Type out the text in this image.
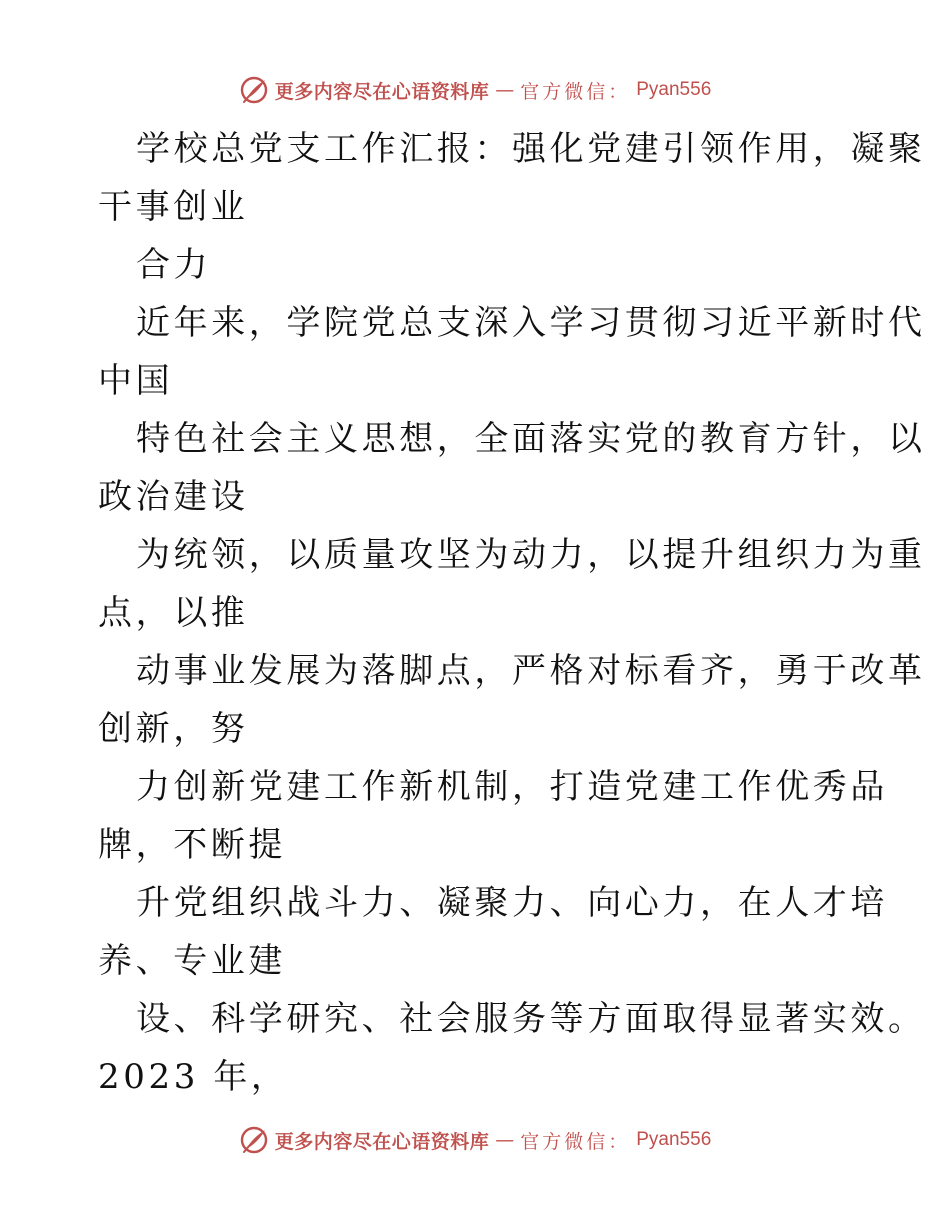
更多内容尽在心语资料库 — 官方微信： Pyan556
学校总党支工作汇报：强化党建引领作用，凝聚
干事创业
合力
近年来，学院党总支深入学习贯彻习近平新时代
中国
特色社会主义思想，全面落实党的教育方针，以
政治建设
为统领，以质量攻坚为动力，以提升组织力为重
点，以推
动事业发展为落脚点，严格对标看齐，勇于改革
创新，努
力创新党建工作新机制，打造党建工作优秀品
牌，不断提
升党组织战斗力、凝聚力、向心力，在人才培
养、专业建
设、科学研究、社会服务等方面取得显著实效。
2023 年，
更多内容尽在心语资料库 — 官方微信： Pyan556
